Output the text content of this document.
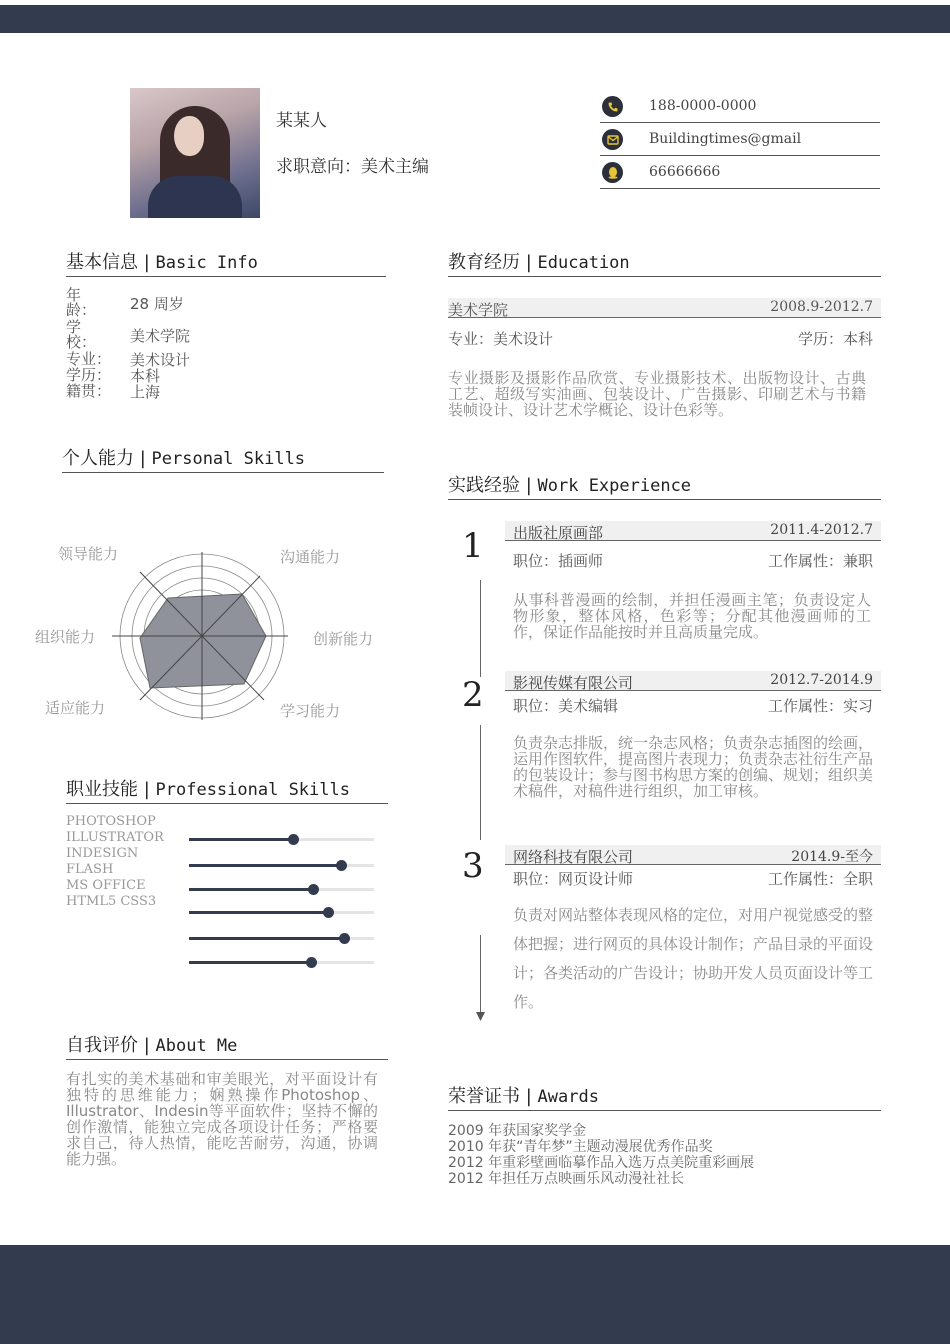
某某人
求职意向：美术主编
188-0000-0000
Buildingtimes@gmail
66666666
基本信息 | Basic Info
年龄：	28 周岁
学校：	美术学院
专业：	美术设计
学历：	本科
籍贯：	上海
个人能力 | Personal Skills
领导能力	沟通能力
组织能力	创新能力
适应能力	学习能力
职业技能 | Professional Skills
PHOTOSHOP
ILLUSTRATOR
INDESIGN
FLASH
MS OFFICE
HTML5 CSS3
自我评价 | About Me
有扎实的美术基础和审美眼光，对平面设计有独特的思维能力；娴熟操作Photoshop、Illustrator、Indesin等平面软件；坚持不懈的创作激情，能独立完成各项设计任务；严格要求自己，待人热情，能吃苦耐劳，沟通，协调能力强。
教育经历 | Education
美术学院	2008.9-2012.7
专业：美术设计	学历：本科
专业摄影及摄影作品欣赏、专业摄影技术、出版物设计、古典工艺、超级写实油画、包装设计、广告摄影、印刷艺术与书籍装帧设计、设计艺术学概论、设计色彩等。
实践经验 | Work Experience
1 出版社原画部	2011.4-2012.7
职位：插画师	工作属性：兼职
从事科普漫画的绘制，并担任漫画主笔；负责设定人物形象，整体风格，色彩等；分配其他漫画师的工作，保证作品能按时并且高质量完成。
2 影视传媒有限公司	2012.7-2014.9
职位：美术编辑	工作属性：实习
负责杂志排版，统一杂志风格；负责杂志插图的绘画，运用作图软件，提高图片表现力；负责杂志社衍生产品的包装设计；参与图书构思方案的创编、规划；组织美术稿件，对稿件进行组织，加工审核。
3 网络科技有限公司	2014.9-至今
职位：网页设计师	工作属性：全职
负责对网站整体表现风格的定位，对用户视觉感受的整体把握；进行网页的具体设计制作；产品目录的平面设计；各类活动的广告设计；协助开发人员页面设计等工作。
荣誉证书 | Awards
2009 年获国家奖学金
2010 年获“青年梦”主题动漫展优秀作品奖
2012 年重彩壁画临摹作品入选万点美院重彩画展
2012 年担任万点映画乐风动漫社社长
